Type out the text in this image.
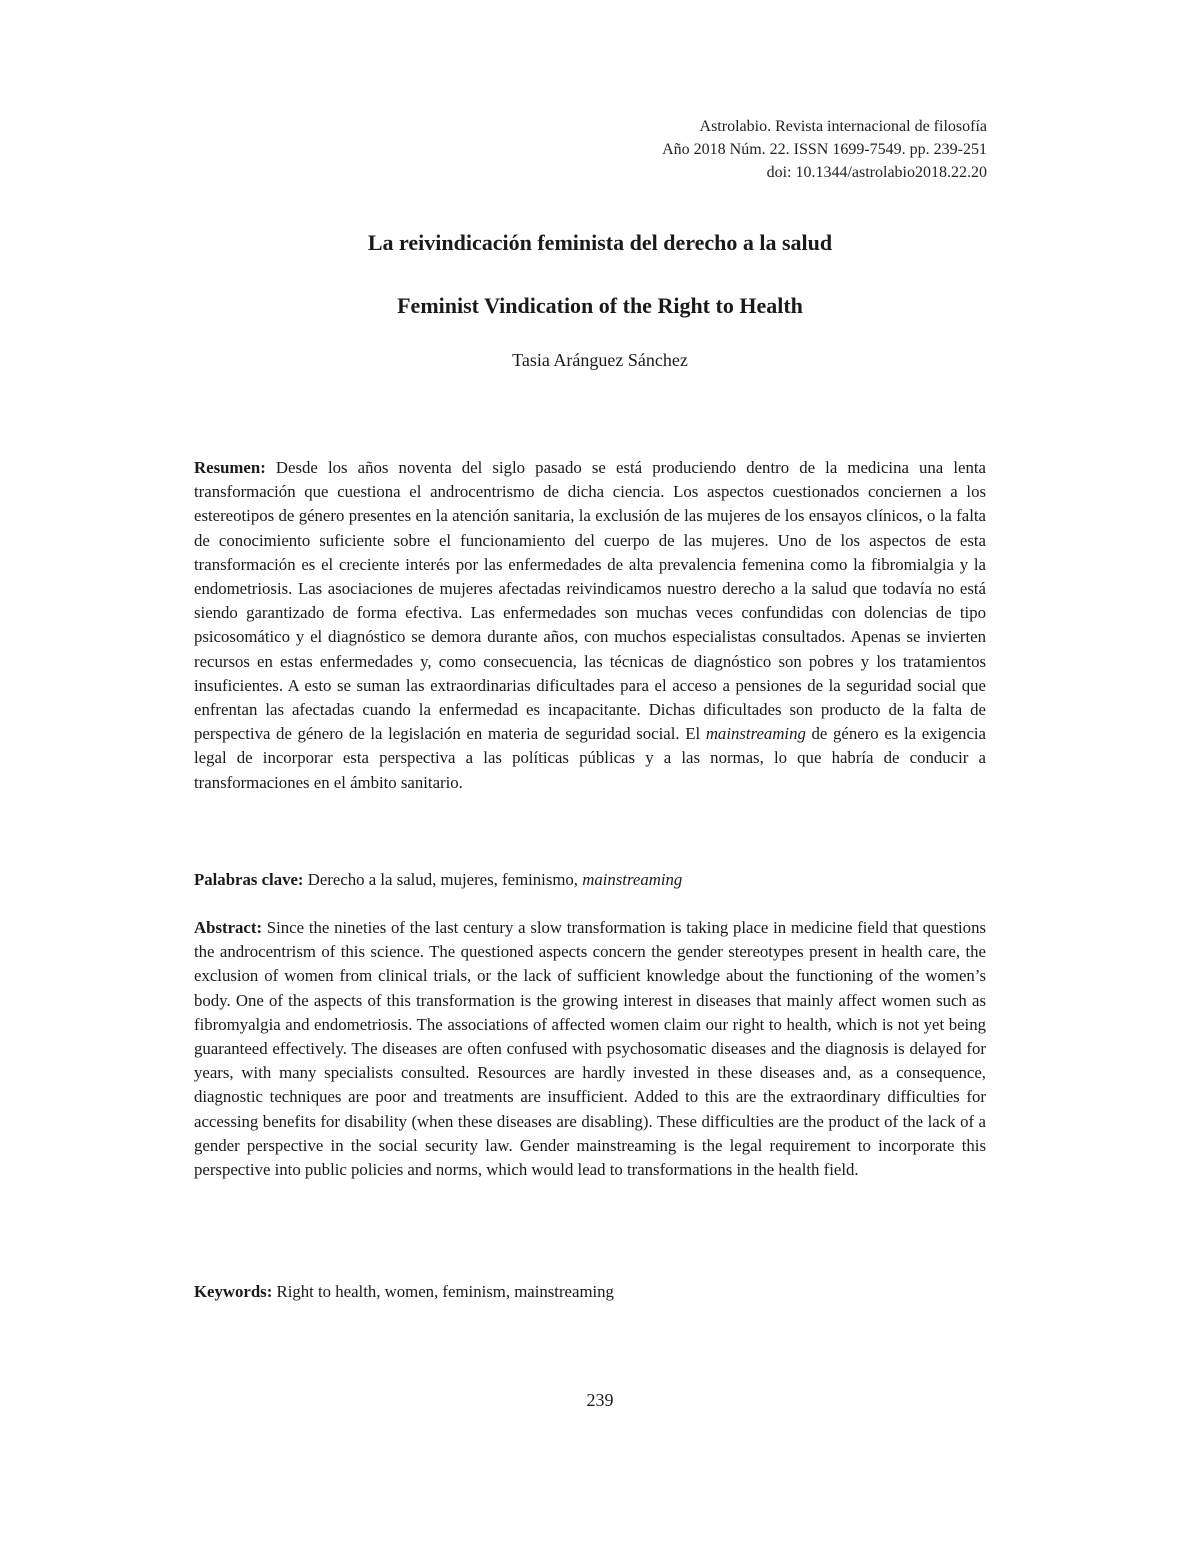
Astrolabio. Revista internacional de filosofía
Año 2018 Núm. 22. ISSN 1699-7549. pp. 239-251
doi: 10.1344/astrolabio2018.22.20
La reivindicación feminista del derecho a la salud
Feminist Vindication of the Right to Health
Tasia Aránguez Sánchez

Resumen: Desde los años noventa del siglo pasado se está produciendo dentro de la medicina una lenta transformación que cuestiona el androcentrismo de dicha ciencia. Los aspectos cuestionados conciernen a los estereotipos de género presentes en la atención sanitaria, la exclusión de las mujeres de los ensayos clínicos, o la falta de conocimiento suficiente sobre el funcionamiento del cuerpo de las mujeres. Uno de los aspectos de esta transformación es el creciente interés por las enfermedades de alta prevalencia femenina como la fibromialgia y la endometriosis. Las asociaciones de mujeres afectadas reivindicamos nuestro derecho a la salud que todavía no está siendo garantizado de forma efectiva. Las enfermedades son muchas veces confundidas con dolencias de tipo psicosomático y el diagnóstico se demora durante años, con muchos especialistas consultados. Apenas se invierten recursos en estas enfermedades y, como consecuencia, las técnicas de diagnóstico son pobres y los tratamientos insuficientes. A esto se suman las extraordinarias dificultades para el acceso a pensiones de la seguridad social que enfrentan las afectadas cuando la enfermedad es incapacitante. Dichas dificultades son producto de la falta de perspectiva de género de la legislación en materia de seguridad social. El mainstreaming de género es la exigencia legal de incorporar esta perspectiva a las políticas públicas y a las normas, lo que habría de conducir a transformaciones en el ámbito sanitario.

Palabras clave: Derecho a la salud, mujeres, feminismo, mainstreaming

Abstract: Since the nineties of the last century a slow transformation is taking place in medicine field that questions the androcentrism of this science. The questioned aspects concern the gender stereotypes present in health care, the exclusion of women from clinical trials, or the lack of sufficient knowledge about the functioning of the women’s body. One of the aspects of this transformation is the growing interest in diseases that mainly affect women such as fibromyalgia and endometriosis. The associations of affected women claim our right to health, which is not yet being guaranteed effectively. The diseases are often confused with psychosomatic diseases and the diagnosis is delayed for years, with many specialists consulted. Resources are hardly invested in these diseases and, as a consequence, diagnostic techniques are poor and treatments are insufficient. Added to this are the extraordinary difficulties for accessing benefits for disability (when these diseases are disabling). These difficulties are the product of the lack of a gender perspective in the social security law. Gender mainstreaming is the legal requirement to incorporate this perspective into public policies and norms, which would lead to transformations in the health field.

Keywords: Right to health, women, feminism, mainstreaming

239
